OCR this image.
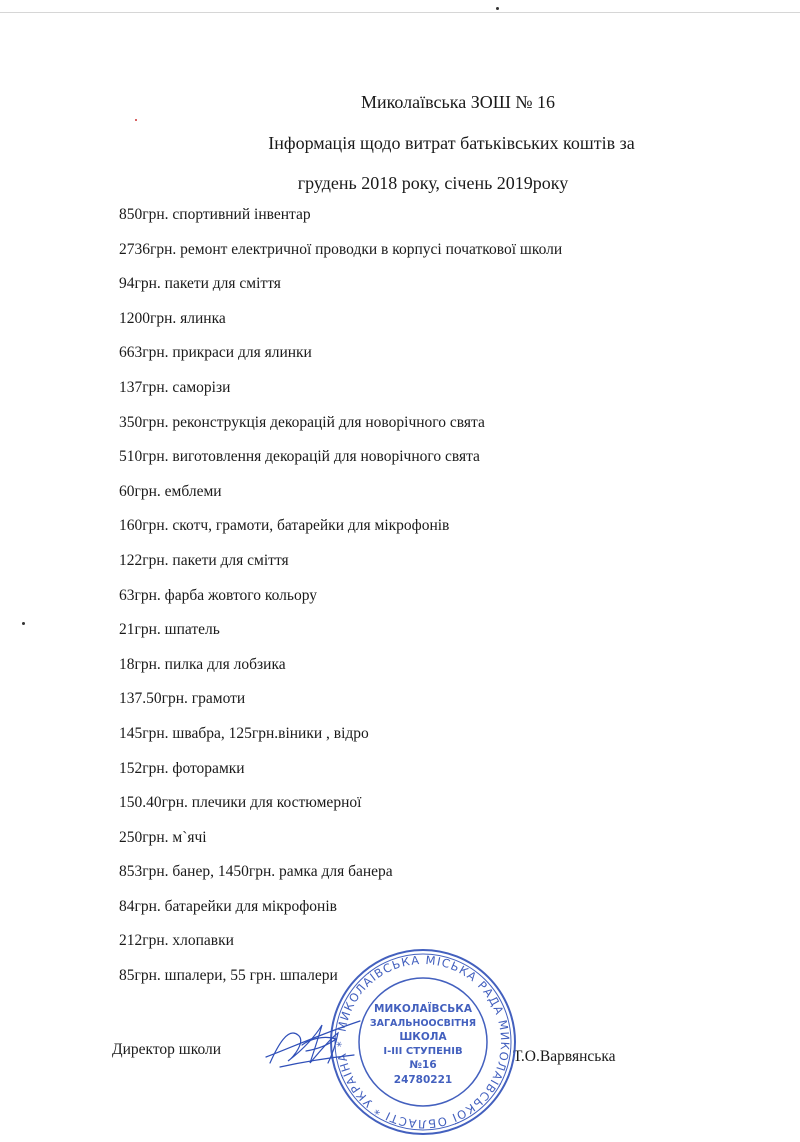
Миколаївська ЗОШ № 16
Інформація щодо витрат батьківських коштів за
грудень 2018 року, січень 2019року
850грн. спортивний інвентар
2736грн. ремонт електричної проводки в корпусі початкової школи
94грн. пакети для сміття
1200грн. ялинка
663грн. прикраси для ялинки
137грн. саморізи
350грн. реконструкція декорацій для новорічного свята
510грн. виготовлення декорацій для новорічного свята
60грн. емблеми
160грн. скотч, грамоти, батарейки для мікрофонів
122грн. пакети для сміття
63грн. фарба жовтого кольору
21грн. шпатель
18грн. пилка для лобзика
137.50грн. грамоти
145грн. швабра, 125грн.віники , відро
152грн. фоторамки
150.40грн. плечики для костюмерної
250грн. м`ячі
853грн. банер, 1450грн. рамка для банера
84грн. батарейки для мікрофонів
212грн. хлопавки
85грн. шпалери, 55 грн. шпалери
Директор школи	Т.О.Варвянська
МИКОЛАЇВСЬКА МІСЬКА РАДА МИКОЛАЇВСЬКОЇ ОБЛАСТІ * УКРАЇНА *
МИКОЛАЇВСЬКА
ЗАГАЛЬНООСВІТНЯ
ШКОЛА
І-ІІІ СТУПЕНІВ
№16
24780221
